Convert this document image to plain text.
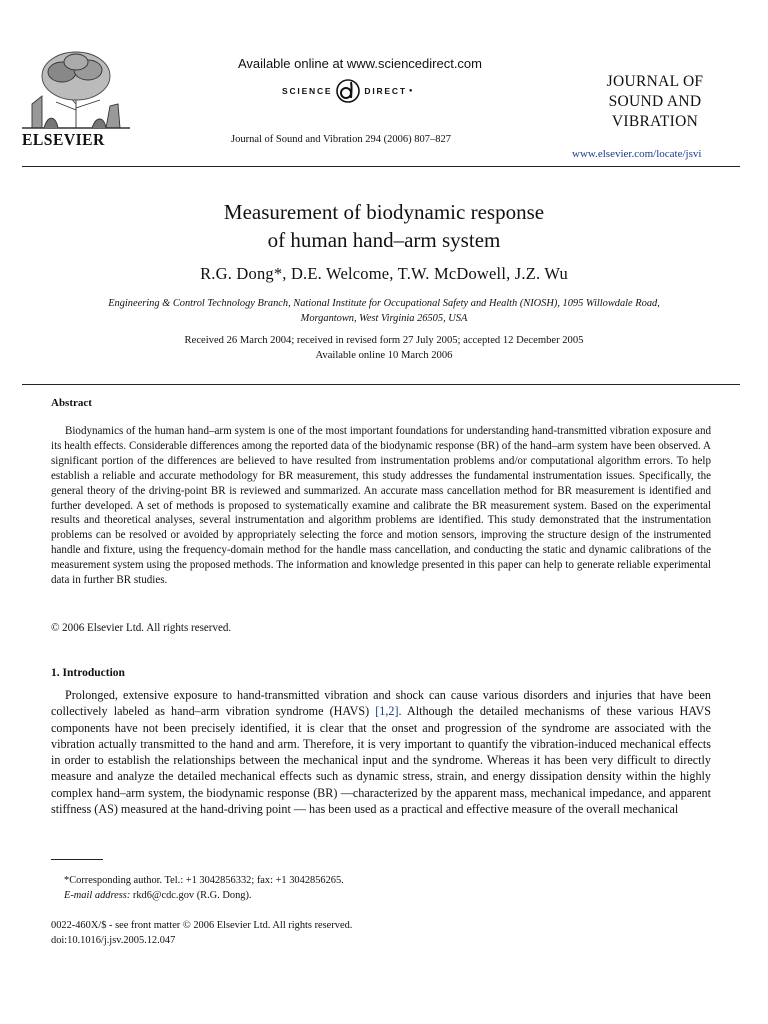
ELSEVIER
Available online at www.sciencedirect.com
SCIENCE	DIRECT ●
Journal of Sound and Vibration 294 (2006) 807–827
JOURNAL OF
SOUND AND
VIBRATION
www.elsevier.com/locate/jsvi
Measurement of biodynamic response
of human hand–arm system
R.G. Dong*, D.E. Welcome, T.W. McDowell, J.Z. Wu
Engineering & Control Technology Branch, National Institute for Occupational Safety and Health (NIOSH), 1095 Willowdale Road,
Morgantown, West Virginia 26505, USA
Received 26 March 2004; received in revised form 27 July 2005; accepted 12 December 2005
Available online 10 March 2006
Abstract
Biodynamics of the human hand–arm system is one of the most important foundations for understanding hand-transmitted vibration exposure and its health effects. Considerable differences among the reported data of the biodynamic response (BR) of the hand–arm system have been observed. A significant portion of the differences are believed to have resulted from instrumentation problems and/or computational algorithm errors. To help establish a reliable and accurate methodology for BR measurement, this study addresses the fundamental instrumentation issues. Specifically, the general theory of the driving-point BR is reviewed and summarized. An accurate mass cancellation method for BR measurement is identified and further developed. A set of methods is proposed to systematically examine and calibrate the BR measurement system. Based on the experimental results and theoretical analyses, several instrumentation and algorithm problems are identified. This study demonstrated that the instrumentation problems can be resolved or avoided by appropriately selecting the force and motion sensors, improving the structure design of the instrumented handle and fixture, using the frequency-domain method for the handle mass cancellation, and conducting the static and dynamic calibrations of the measurement system using the proposed methods. The information and knowledge presented in this paper can help to generate reliable experimental data in further BR studies.
© 2006 Elsevier Ltd. All rights reserved.
1. Introduction
Prolonged, extensive exposure to hand-transmitted vibration and shock can cause various disorders and injuries that have been collectively labeled as hand–arm vibration syndrome (HAVS) [1,2]. Although the detailed mechanisms of these various HAVS components have not been precisely identified, it is clear that the onset and progression of the syndrome are associated with the vibration actually transmitted to the hand and arm. Therefore, it is very important to quantify the vibration-induced mechanical effects in order to establish the relationships between the mechanical input and the syndrome. Whereas it has been very difficult to directly measure and analyze the detailed mechanical effects such as dynamic stress, strain, and energy dissipation density within the highly complex hand–arm system, the biodynamic response (BR) —characterized by the apparent mass, mechanical impedance, and apparent stiffness (AS) measured at the hand-driving point — has been used as a practical and effective measure of the overall mechanical
*Corresponding author. Tel.: +1 3042856332; fax: +1 3042856265.
E-mail address: rkd6@cdc.gov (R.G. Dong).
0022-460X/$ - see front matter © 2006 Elsevier Ltd. All rights reserved.
doi:10.1016/j.jsv.2005.12.047
